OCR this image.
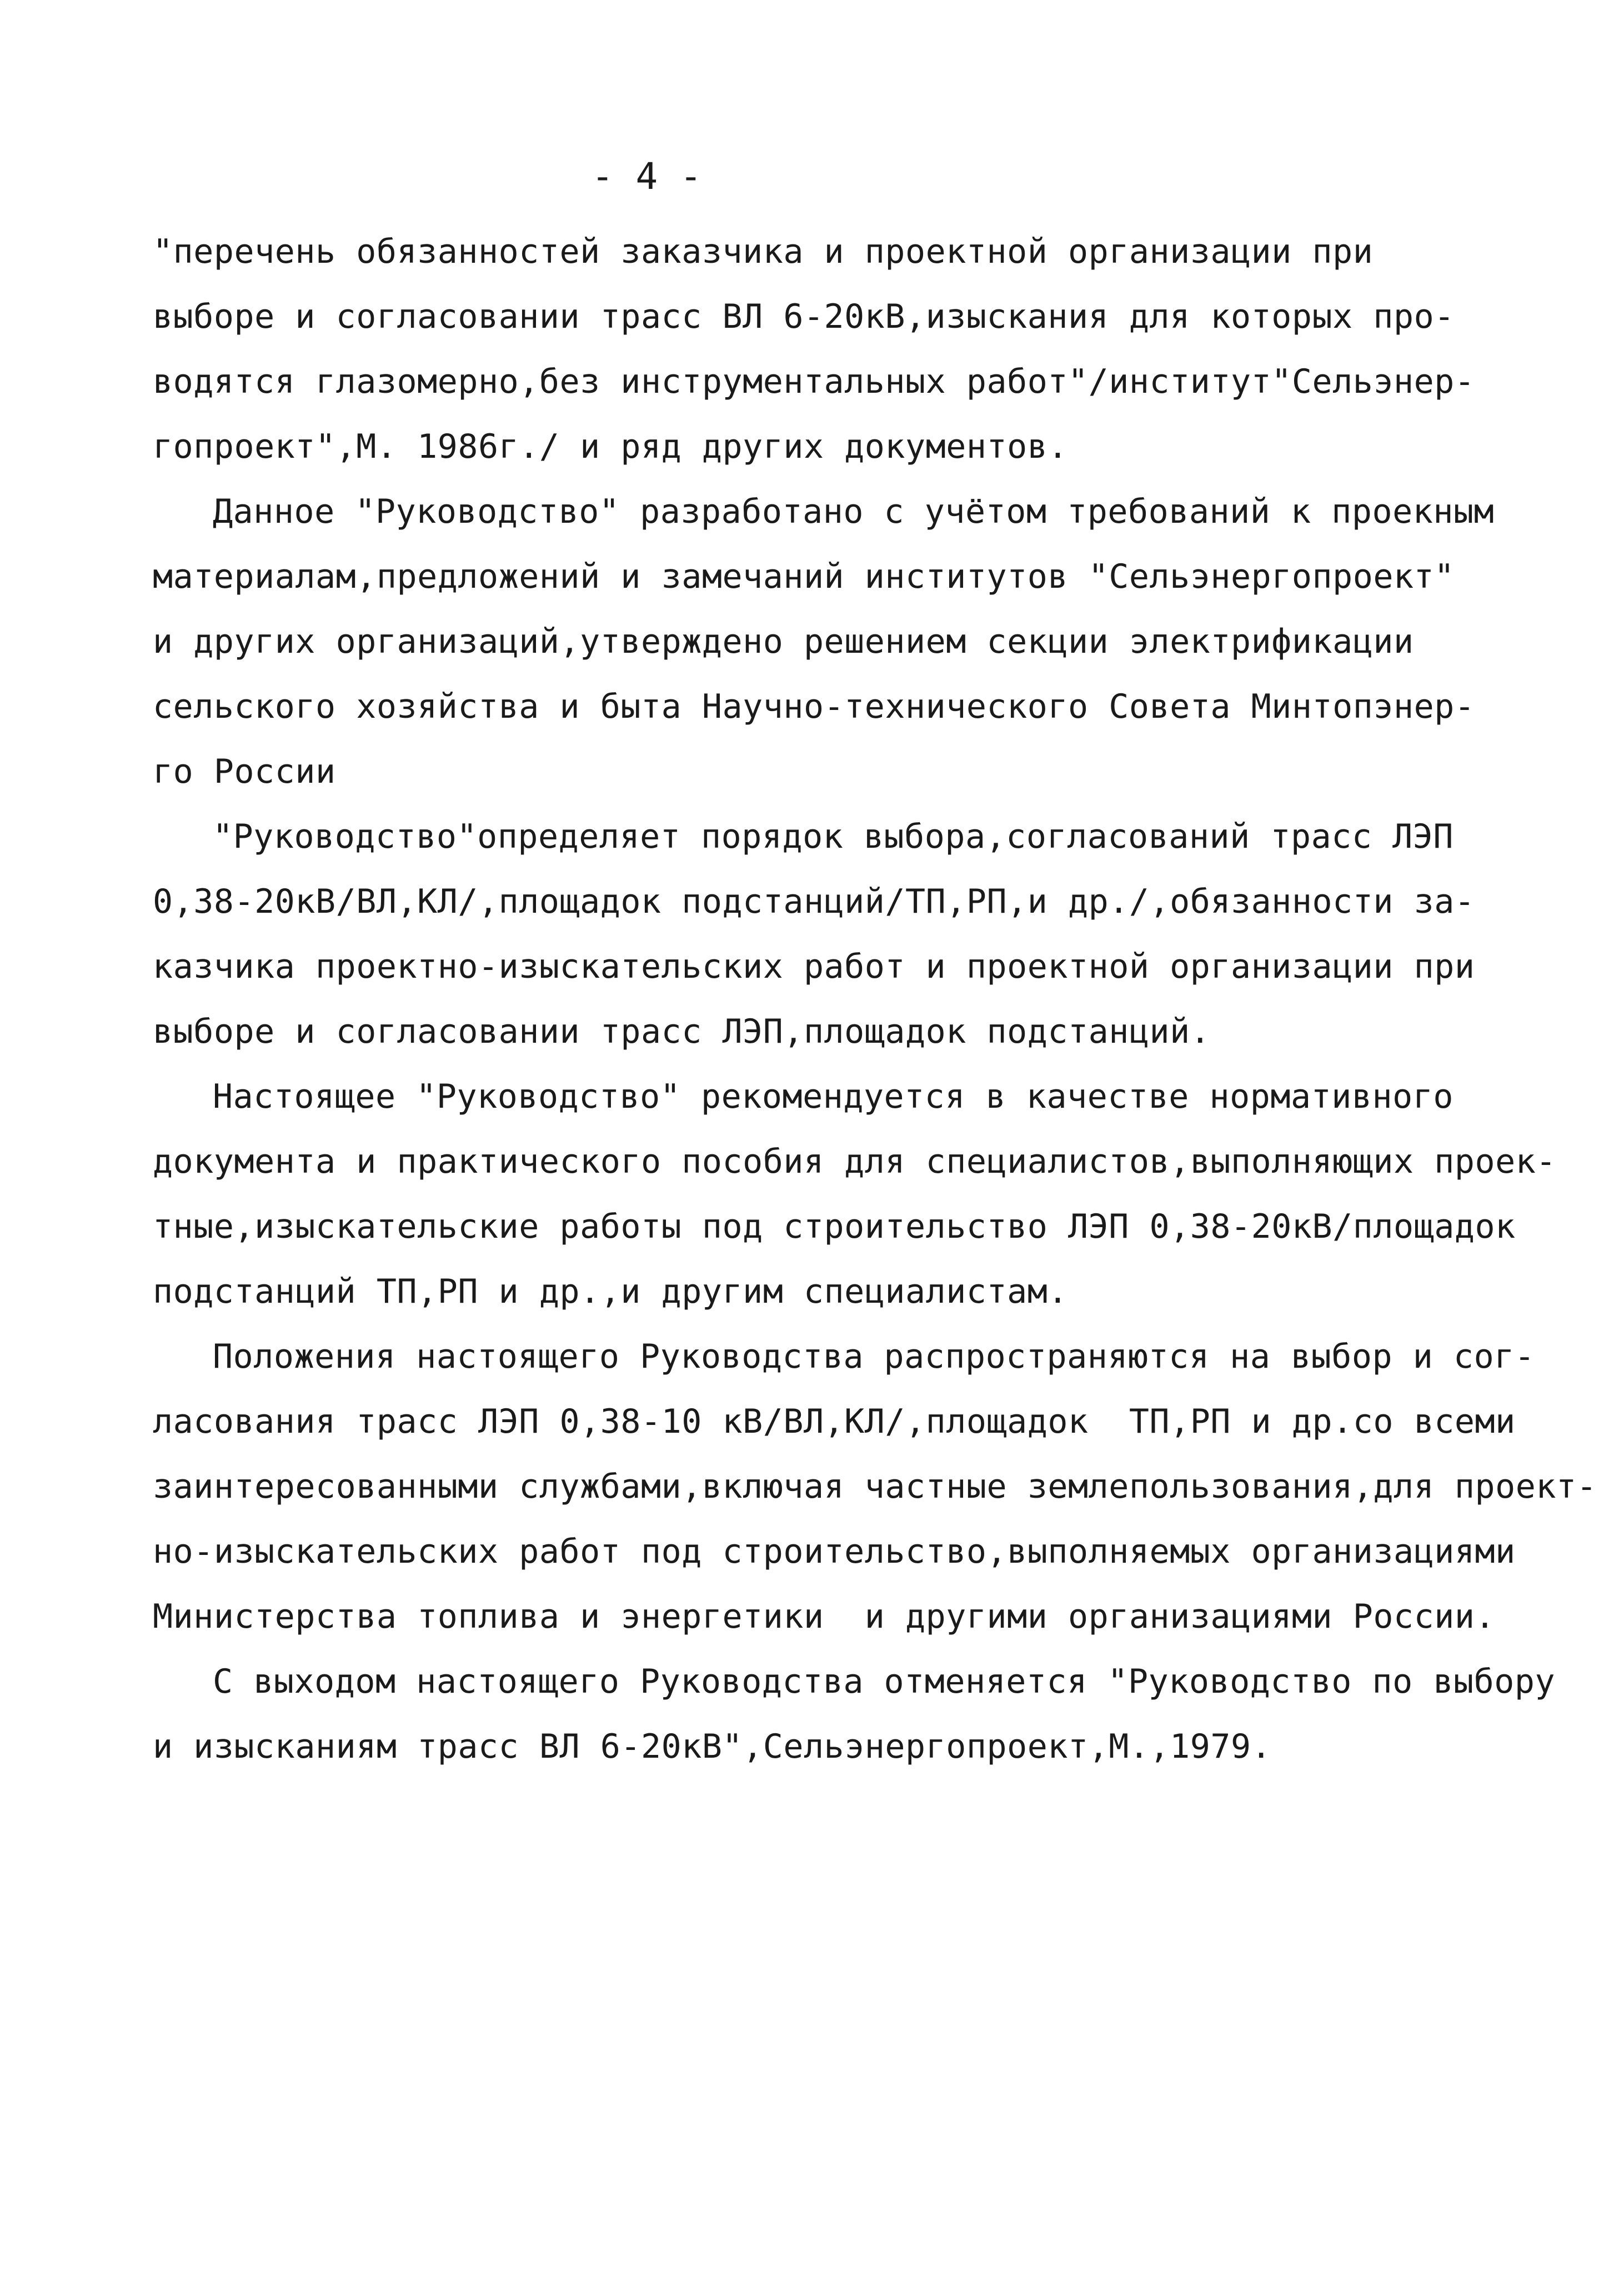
- 4 -
"перечень обязанностей заказчика и проектной организации при
выборе и согласовании трасс ВЛ 6-20кВ,изыскания для которых про-
водятся глазомерно,без инструментальных работ"/институт"Сельэнер-
гопроект",М. 1986г./ и ряд других документов.
Данное "Руководство" разработано с учётом требований к проекным
материалам,предложений и замечаний институтов "Сельэнергопроект"
и других организаций,утверждено решением секции электрификации
сельского хозяйства и быта Научно-технического Совета Минтопэнер-
го России
"Руководство"определяет порядок выбора,согласований трасс ЛЭП
0,38-20кВ/ВЛ,КЛ/,площадок подстанций/ТП,РП,и др./,обязанности за-
казчика проектно-изыскательских работ и проектной организации при
выборе и согласовании трасс ЛЭП,площадок подстанций.
Настоящее "Руководство" рекомендуется в качестве нормативного
документа и практического пособия для специалистов,выполняющих проек-
тные,изыскательские работы под строительство ЛЭП 0,38-20кВ/площадок
подстанций ТП,РП и др.,и другим специалистам.
Положения настоящего Руководства распространяются на выбор и сог-
ласования трасс ЛЭП 0,38-10 кВ/ВЛ,КЛ/,площадок  ТП,РП и др.со всеми
заинтересованными службами,включая частные землепользования,для проект-
но-изыскательских работ под строительство,выполняемых организациями
Министерства топлива и энергетики  и другими организациями России.
С выходом настоящего Руководства отменяется "Руководство по выбору
и изысканиям трасс ВЛ 6-20кВ",Сельэнергопроект,М.,1979.
